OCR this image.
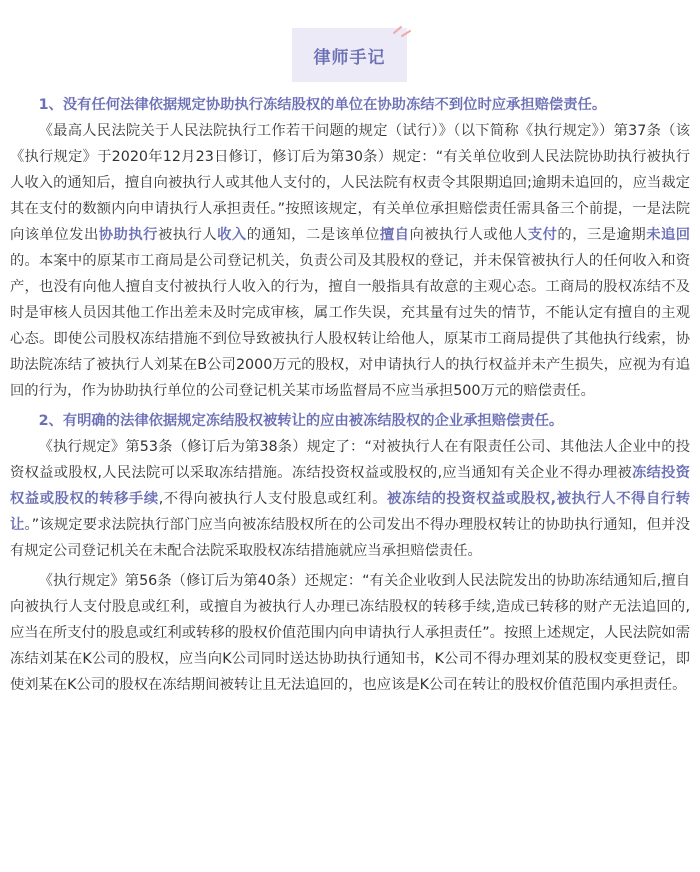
律师手记

1、没有任何法律依据规定协助执行冻结股权的单位在协助冻结不到位时应承担赔偿责任。

《最高人民法院关于人民法院执行工作若干问题的规定（试行）》（以下简称《执行规定》）第37条（该《执行规定》于2020年12月23日修订，修订后为第30条）规定：“有关单位收到人民法院协助执行被执行人收入的通知后，擅自向被执行人或其他人支付的，人民法院有权责令其限期追回;逾期未追回的，应当裁定其在支付的数额内向申请执行人承担责任。”按照该规定，有关单位承担赔偿责任需具备三个前提，一是法院向该单位发出协助执行被执行人收入的通知，二是该单位擅自向被执行人或他人支付的，三是逾期未追回的。本案中的原某市工商局是公司登记机关，负责公司及其股权的登记，并未保管被执行人的任何收入和资产，也没有向他人擅自支付被执行人收入的行为，擅自一般指具有故意的主观心态。工商局的股权冻结不及时是审核人员因其他工作出差未及时完成审核，属工作失误，充其量有过失的情节，不能认定有擅自的主观心态。即使公司股权冻结措施不到位导致被执行人股权转让给他人，原某市工商局提供了其他执行线索，协助法院冻结了被执行人刘某在B公司2000万元的股权，对申请执行人的执行权益并未产生损失，应视为有追回的行为，作为协助执行单位的公司登记机关某市场监督局不应当承担500万元的赔偿责任。

2、有明确的法律依据规定冻结股权被转让的应由被冻结股权的企业承担赔偿责任。

《执行规定》第53条（修订后为第38条）规定了：“对被执行人在有限责任公司、其他法人企业中的投资权益或股权,人民法院可以采取冻结措施。冻结投资权益或股权的,应当通知有关企业不得办理被冻结投资权益或股权的转移手续,不得向被执行人支付股息或红利。被冻结的投资权益或股权,被执行人不得自行转让。”该规定要求法院执行部门应当向被冻结股权所在的公司发出不得办理股权转让的协助执行通知，但并没有规定公司登记机关在未配合法院采取股权冻结措施就应当承担赔偿责任。

《执行规定》第56条（修订后为第40条）还规定：“有关企业收到人民法院发出的协助冻结通知后,擅自向被执行人支付股息或红利，或擅自为被执行人办理已冻结股权的转移手续,造成已转移的财产无法追回的,应当在所支付的股息或红利或转移的股权价值范围内向申请执行人承担责任”。按照上述规定，人民法院如需冻结刘某在K公司的股权，应当向K公司同时送达协助执行通知书，K公司不得办理刘某的股权变更登记，即使刘某在K公司的股权在冻结期间被转让且无法追回的，也应该是K公司在转让的股权价值范围内承担责任。
